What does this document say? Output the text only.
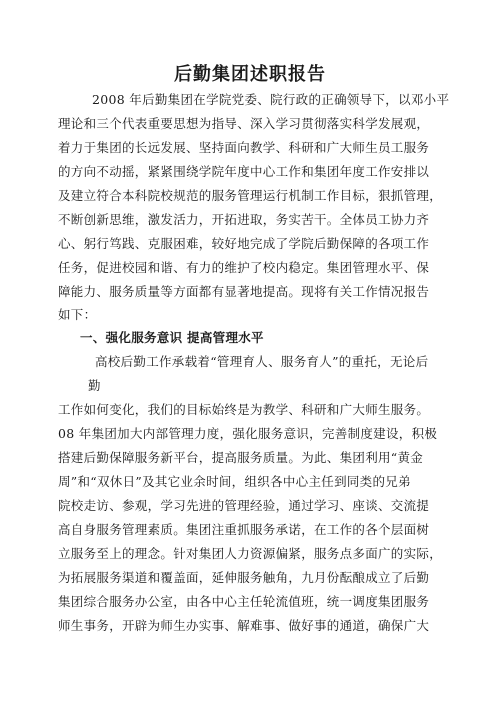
后勤集团述职报告
2008 年后勤集团在学院党委、院行政的正确领导下，以邓小平
理论和三个代表重要思想为指导、深入学习贯彻落实科学发展观，
着力于集团的长远发展、坚持面向教学、科研和广大师生员工服务
的方向不动摇，紧紧围绕学院年度中心工作和集团年度工作安排以
及建立符合本科院校规范的服务管理运行机制工作目标，狠抓管理，
不断创新思维，激发活力，开拓进取，务实苦干。全体员工协力齐
心、躬行笃践、克服困难，较好地完成了学院后勤保障的各项工作
任务，促进校园和谐、有力的维护了校内稳定。集团管理水平、保
障能力、服务质量等方面都有显著地提高。现将有关工作情况报告
如下：
一、强化服务意识 提高管理水平
高校后勤工作承载着“管理育人、服务育人”的重托，无论后
勤
工作如何变化，我们的目标始终是为教学、科研和广大师生服务。
08 年集团加大内部管理力度，强化服务意识，完善制度建设，积极
搭建后勤保障服务新平台，提高服务质量。为此、集团利用“黄金
周”和“双休日”及其它业余时间，组织各中心主任到同类的兄弟
院校走访、参观，学习先进的管理经验，通过学习、座谈、交流提
高自身服务管理素质。集团注重抓服务承诺，在工作的各个层面树
立服务至上的理念。针对集团人力资源偏紧，服务点多面广的实际，
为拓展服务渠道和覆盖面，延伸服务触角，九月份酝酿成立了后勤
集团综合服务办公室，由各中心主任轮流值班，统一调度集团服务
师生事务，开辟为师生办实事、解难事、做好事的通道，确保广大
